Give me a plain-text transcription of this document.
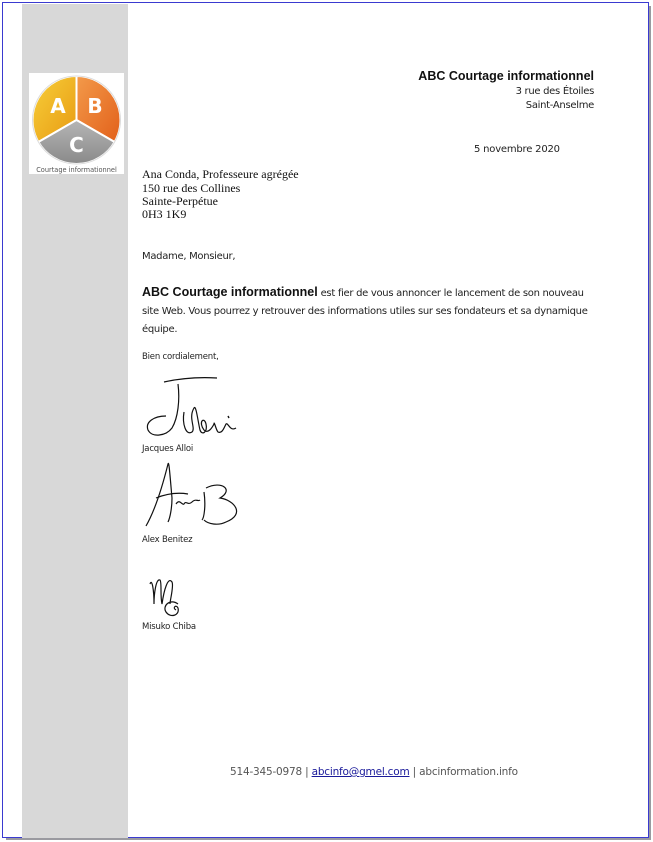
A B
C
Courtage informationnel
ABC Courtage informationnel
3 rue des Étoiles
Saint-Anselme
5 novembre 2020
Ana Conda, Professeure agrégée
150 rue des Collines
Sainte-Perpétue
0H3 1K9
Madame, Monsieur,
ABC Courtage informationnel est fier de vous annoncer le lancement de son nouveau site Web. Vous pourrez y retrouver des informations utiles sur ses fondateurs et sa dynamique équipe.
Bien cordialement,
Jacques Alloi
Alex Benitez
Misuko Chiba
514-345-0978 | abcinfo@gmel.com | abcinformation.info
